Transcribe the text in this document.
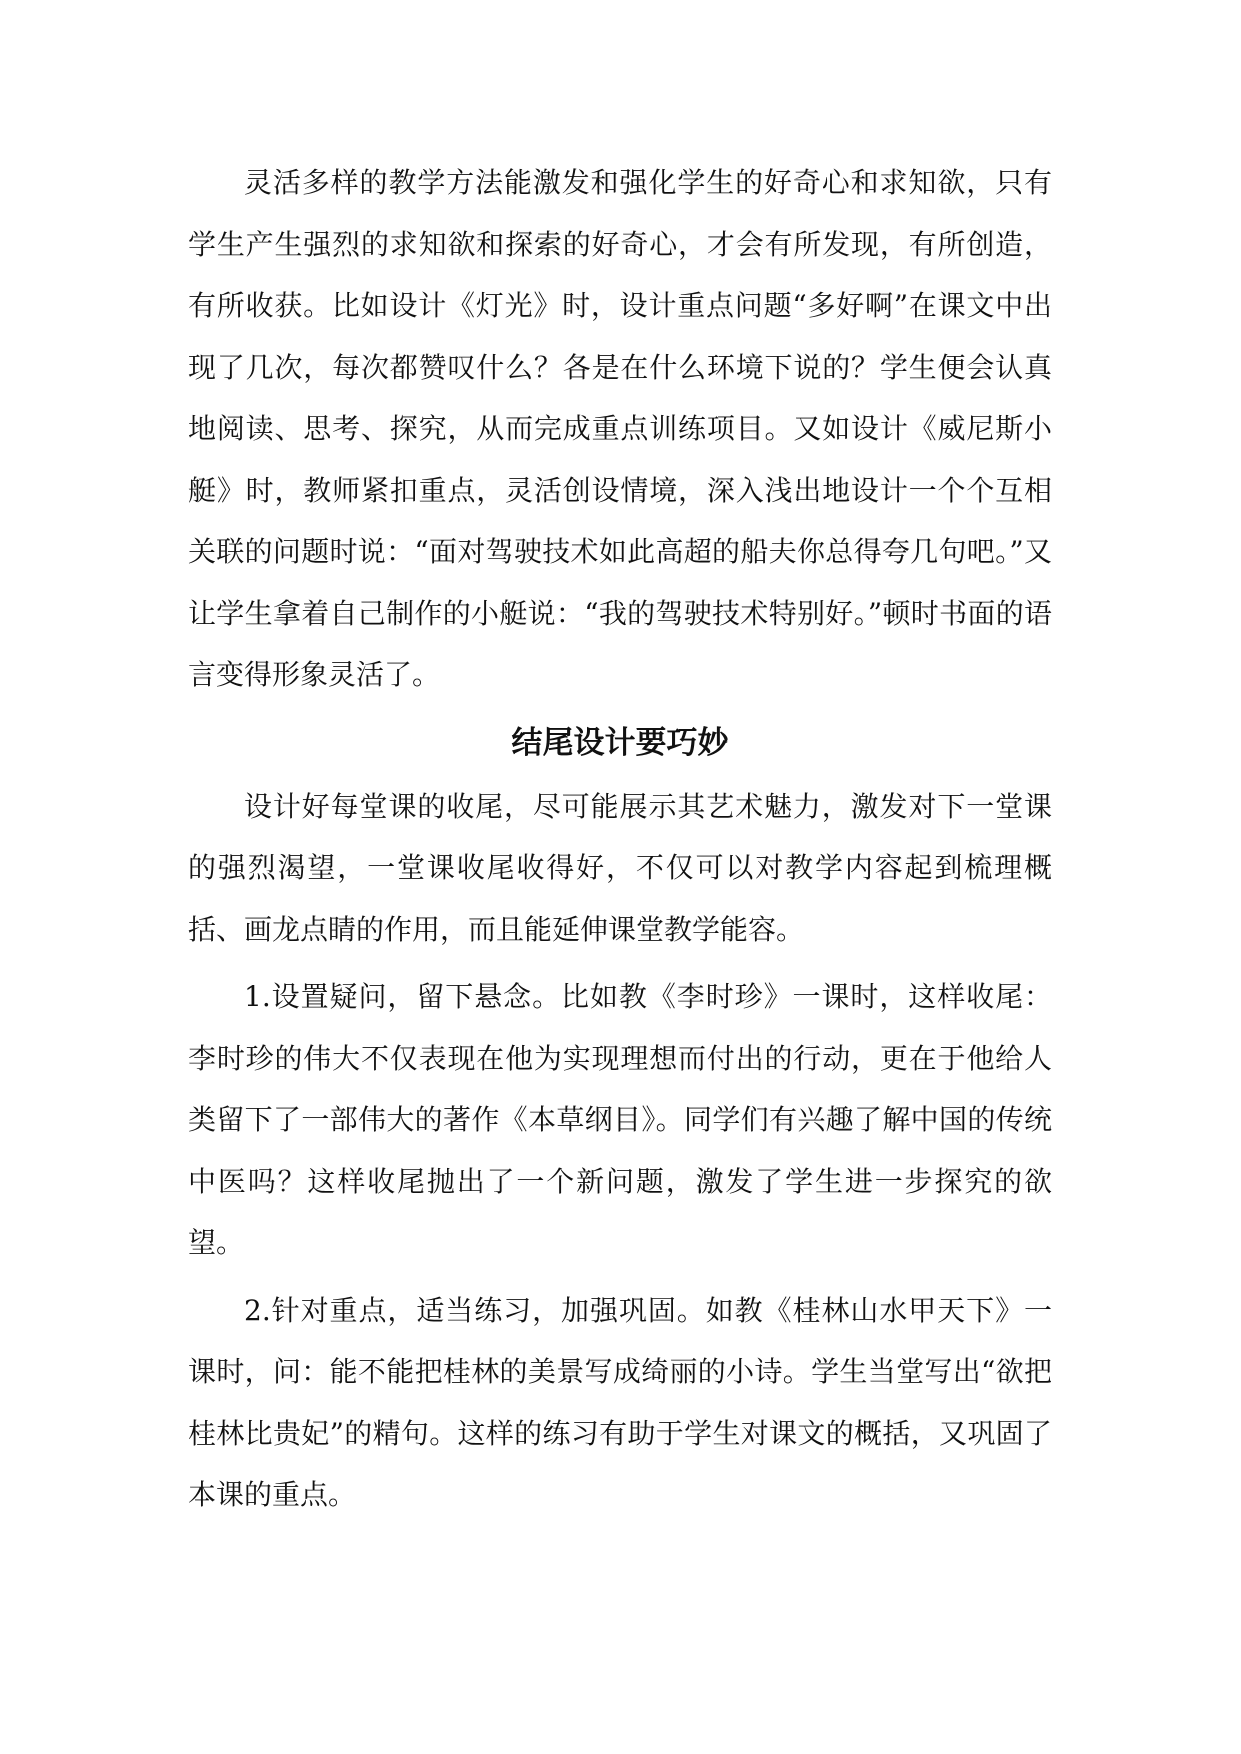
灵活多样的教学方法能激发和强化学生的好奇心和求知欲，只有学生产生强烈的求知欲和探索的好奇心，才会有所发现，有所创造，有所收获。比如设计《灯光》时，设计重点问题“多好啊”在课文中出现了几次，每次都赞叹什么？各是在什么环境下说的？学生便会认真地阅读、思考、探究，从而完成重点训练项目。又如设计《威尼斯小艇》时，教师紧扣重点，灵活创设情境，深入浅出地设计一个个互相关联的问题时说：“面对驾驶技术如此高超的船夫你总得夸几句吧。”又让学生拿着自己制作的小艇说：“我的驾驶技术特别好。”顿时书面的语言变得形象灵活了。

结尾设计要巧妙

设计好每堂课的收尾，尽可能展示其艺术魅力，激发对下一堂课的强烈渴望，一堂课收尾收得好，不仅可以对教学内容起到梳理概括、画龙点睛的作用，而且能延伸课堂教学能容。

1.设置疑问，留下悬念。比如教《李时珍》一课时，这样收尾：李时珍的伟大不仅表现在他为实现理想而付出的行动，更在于他给人类留下了一部伟大的著作《本草纲目》。同学们有兴趣了解中国的传统中医吗？这样收尾抛出了一个新问题，激发了学生进一步探究的欲望。

2.针对重点，适当练习，加强巩固。如教《桂林山水甲天下》一课时，问：能不能把桂林的美景写成绮丽的小诗。学生当堂写出“欲把桂林比贵妃”的精句。这样的练习有助于学生对课文的概括，又巩固了本课的重点。
